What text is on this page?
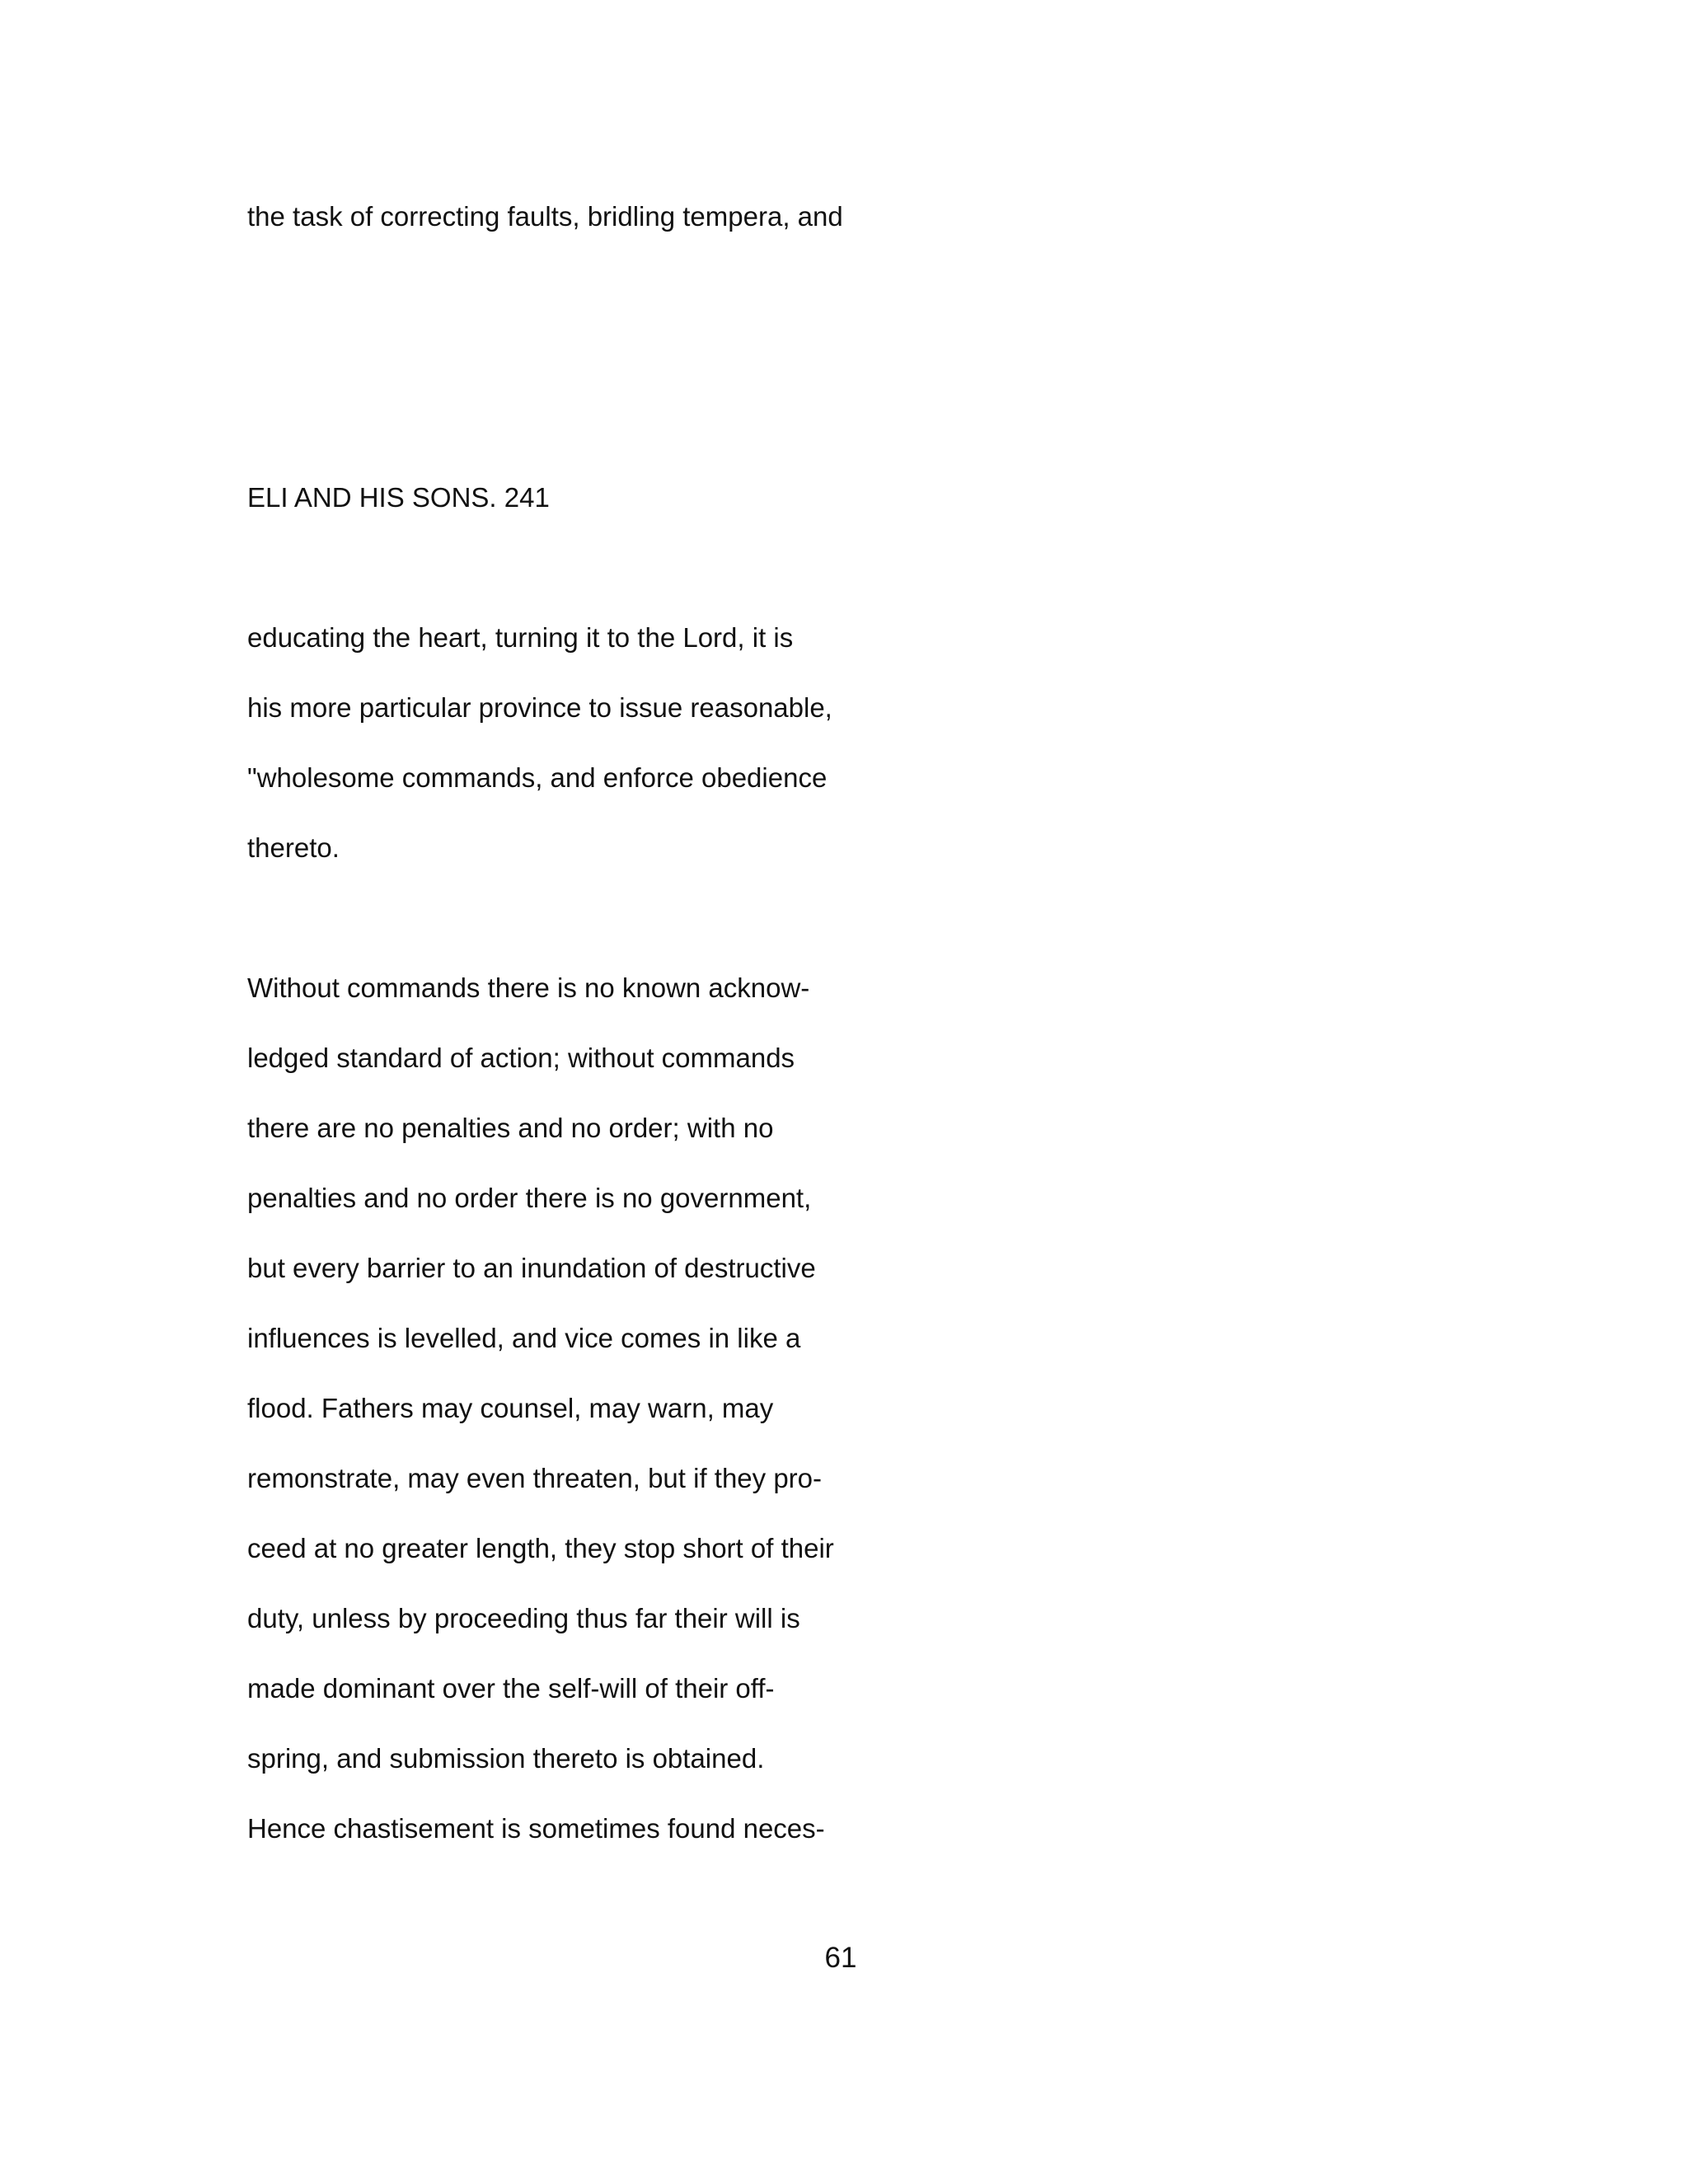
the task of correcting faults, bridling tempera, and

ELI AND HIS SONS. 241

educating the heart, turning it to the Lord, it is

his more particular province to issue reasonable,

"wholesome commands, and enforce obedience

thereto.

Without commands there is no known acknow-

ledged standard of action; without commands

there are no penalties and no order; with no

penalties and no order there is no government,

but every barrier to an inundation of destructive

influences is levelled, and vice comes in like a

flood. Fathers may counsel, may warn, may

remonstrate, may even threaten, but if they pro-

ceed at no greater length, they stop short of their

duty, unless by proceeding thus far their will is

made dominant over the self-will of their off-

spring, and submission thereto is obtained.

Hence chastisement is sometimes found neces-

61
